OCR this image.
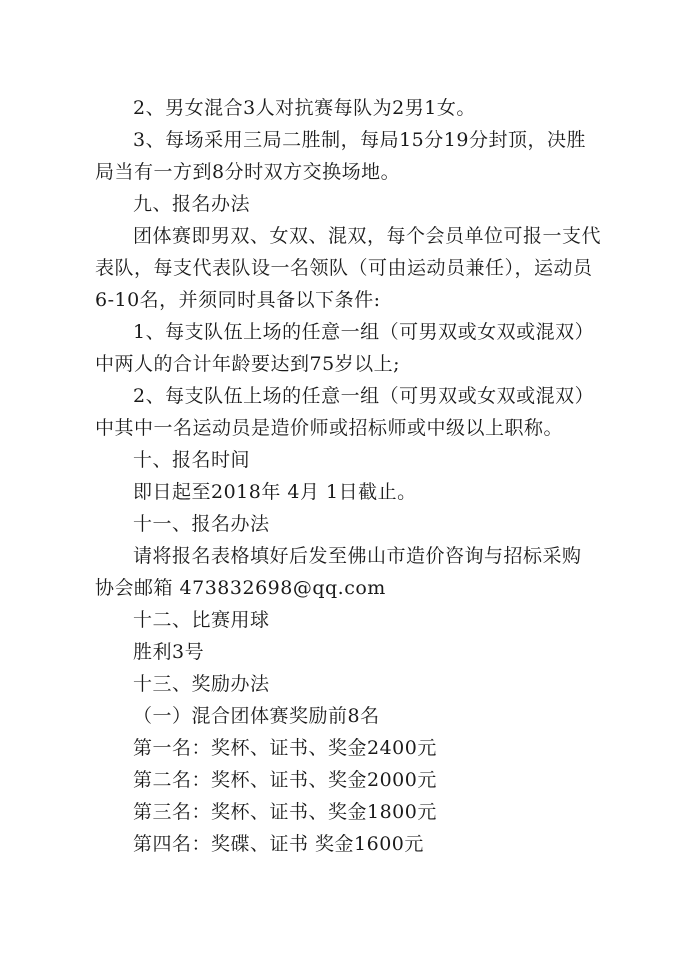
2、男女混合3人对抗赛每队为2男1女。
3、每场采用三局二胜制，每局15分19分封顶，决胜
局当有一方到8分时双方交换场地。
九、报名办法
团体赛即男双、女双、混双，每个会员单位可报一支代
表队，每支代表队设一名领队（可由运动员兼任），运动员
6-10名，并须同时具备以下条件:
1、每支队伍上场的任意一组（可男双或女双或混双）
中两人的合计年龄要达到75岁以上;
2、每支队伍上场的任意一组（可男双或女双或混双）
中其中一名运动员是造价师或招标师或中级以上职称。
十、报名时间
即日起至2018年 4月 1日截止。
十一、报名办法
请将报名表格填好后发至佛山市造价咨询与招标采购
协会邮箱 473832698@qq.com
十二、比赛用球
胜利3号
十三、奖励办法
（一）混合团体赛奖励前8名
第一名：奖杯、证书、奖金2400元
第二名：奖杯、证书、奖金2000元
第三名：奖杯、证书、奖金1800元
第四名：奖碟、证书 奖金1600元
